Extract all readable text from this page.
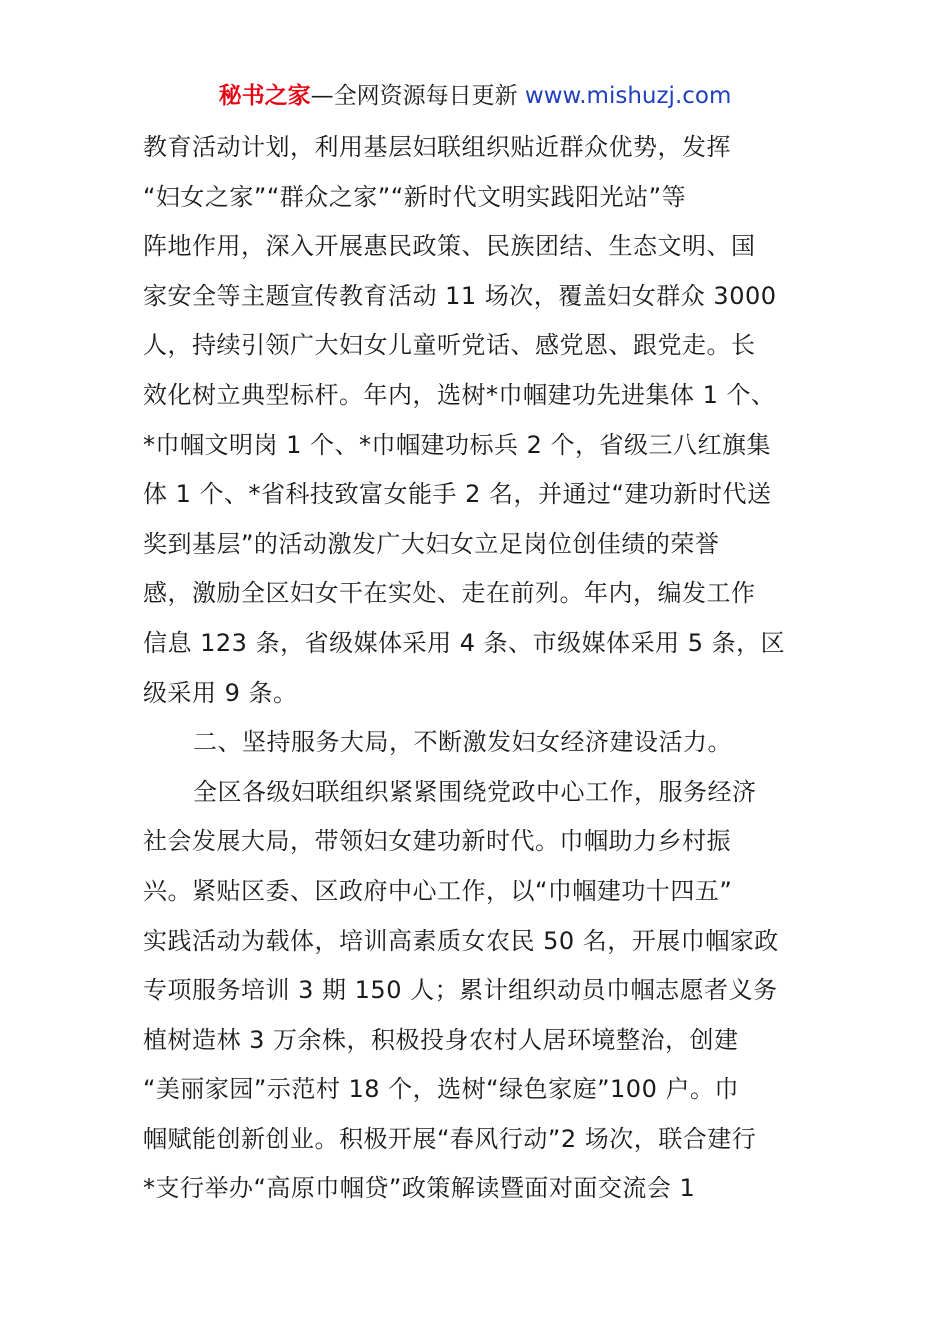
秘书之家—全网资源每日更新 www.mishuzj.com
教育活动计划，利用基层妇联组织贴近群众优势，发挥
“妇女之家”“群众之家”“新时代文明实践阳光站”等
阵地作用，深入开展惠民政策、民族团结、生态文明、国
家安全等主题宣传教育活动 11 场次，覆盖妇女群众 3000
人，持续引领广大妇女儿童听党话、感党恩、跟党走。长
效化树立典型标杆。年内，选树*巾帼建功先进集体 1 个、
*巾帼文明岗 1 个、*巾帼建功标兵 2 个，省级三八红旗集
体 1 个、*省科技致富女能手 2 名，并通过“建功新时代送
奖到基层”的活动激发广大妇女立足岗位创佳绩的荣誉
感，激励全区妇女干在实处、走在前列。年内，编发工作
信息 123 条，省级媒体采用 4 条、市级媒体采用 5 条，区
级采用 9 条。
二、坚持服务大局，不断激发妇女经济建设活力。
全区各级妇联组织紧紧围绕党政中心工作，服务经济
社会发展大局，带领妇女建功新时代。巾帼助力乡村振
兴。紧贴区委、区政府中心工作，以“巾帼建功十四五”
实践活动为载体，培训高素质女农民 50 名，开展巾帼家政
专项服务培训 3 期 150 人；累计组织动员巾帼志愿者义务
植树造林 3 万余株，积极投身农村人居环境整治，创建
“美丽家园”示范村 18 个，选树“绿色家庭”100 户。巾
帼赋能创新创业。积极开展“春风行动”2 场次，联合建行
*支行举办“高原巾帼贷”政策解读暨面对面交流会 1
